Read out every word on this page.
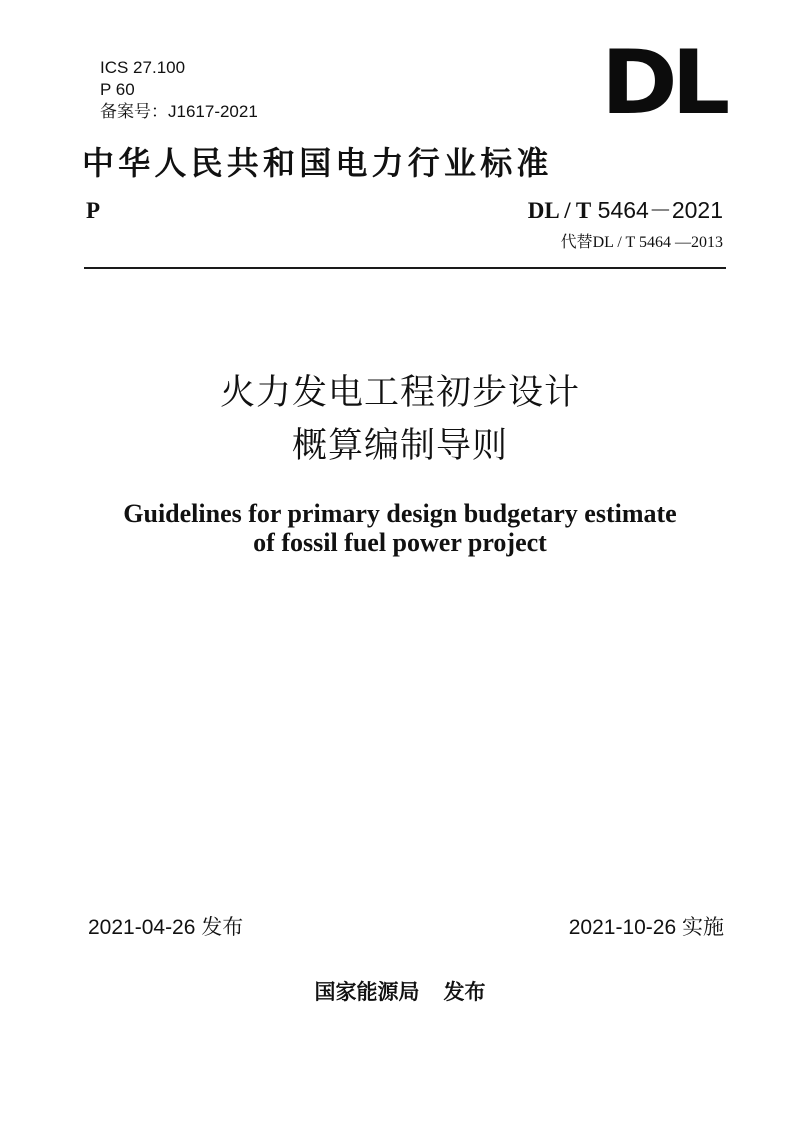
ICS 27.100
P 60
备案号：J1617-2021	DL
中华人民共和国电力行业标准
P	DL / T 5464－2021
代替DL / T 5464 —2013
火力发电工程初步设计
概算编制导则
Guidelines for primary design budgetary estimate
of fossil fuel power project
2021-04-26 发布	2021-10-26 实施
国家能源局 发布
